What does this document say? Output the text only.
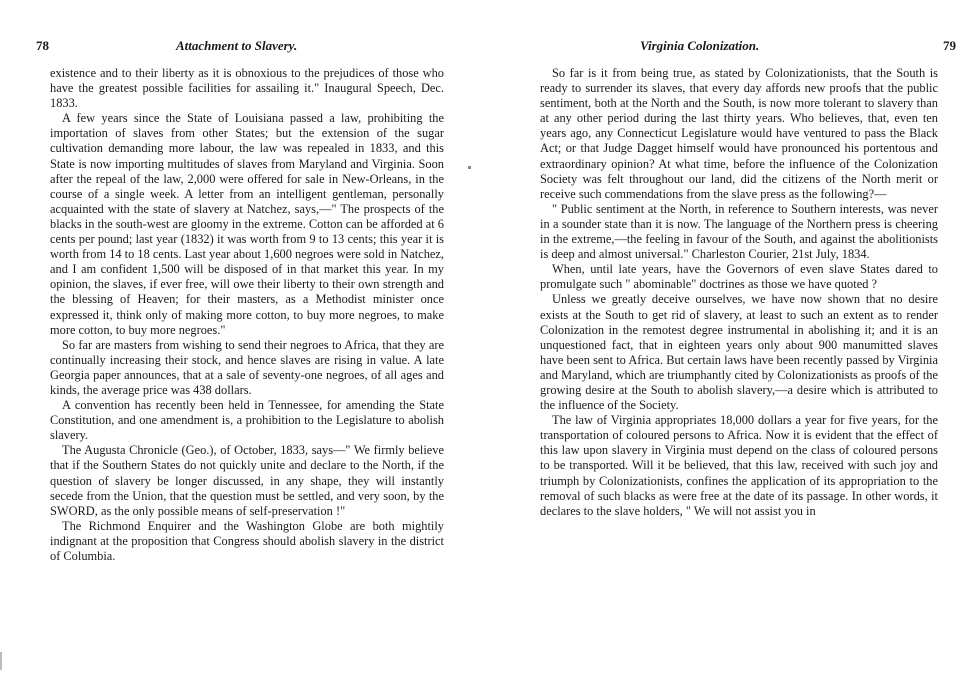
78	Attachment to Slavery.

existence and to their liberty as it is obnoxious to the prejudices of those who have the greatest possible facilities for assailing it." Inaugural Speech, Dec. 1833.

A few years since the State of Louisiana passed a law, prohibiting the importation of slaves from other States; but the extension of the sugar cultivation demanding more labour, the law was repealed in 1833, and this State is now importing multitudes of slaves from Maryland and Virginia. Soon after the repeal of the law, 2,000 were offered for sale in New-Orleans, in the course of a single week. A letter from an intelligent gentleman, personally acquainted with the state of slavery at Natchez, says,—" The prospects of the blacks in the south-west are gloomy in the extreme. Cotton can be afforded at 6 cents per pound; last year (1832) it was worth from 9 to 13 cents; this year it is worth from 14 to 18 cents. Last year about 1,600 negroes were sold in Natchez, and I am confident 1,500 will be disposed of in that market this year. In my opinion, the slaves, if ever free, will owe their liberty to their own strength and the blessing of Heaven; for their masters, as a Methodist minister once expressed it, think only of making more cotton, to buy more negroes, to make more cotton, to buy more negroes."

So far are masters from wishing to send their negroes to Africa, that they are continually increasing their stock, and hence slaves are rising in value. A late Georgia paper announces, that at a sale of seventy-one negroes, of all ages and kinds, the average price was 438 dollars.

A convention has recently been held in Tennessee, for amending the State Constitution, and one amendment is, a prohibition to the Legislature to abolish slavery.

The Augusta Chronicle (Geo.), of October, 1833, says—" We firmly believe that if the Southern States do not quickly unite and declare to the North, if the question of slavery be longer discussed, in any shape, they will instantly secede from the Union, that the question must be settled, and very soon, by the SWORD, as the only possible means of self-preservation !"

The Richmond Enquirer and the Washington Globe are both mightily indignant at the proposition that Congress should abolish slavery in the district of Columbia.

Virginia Colonization.	79

So far is it from being true, as stated by Colonizationists, that the South is ready to surrender its slaves, that every day affords new proofs that the public sentiment, both at the North and the South, is now more tolerant to slavery than at any other period during the last thirty years. Who believes, that, even ten years ago, any Connecticut Legislature would have ventured to pass the Black Act; or that Judge Dagget himself would have pronounced his portentous and extraordinary opinion? At what time, before the influence of the Colonization Society was felt throughout our land, did the citizens of the North merit or receive such commendations from the slave press as the following?—

" Public sentiment at the North, in reference to Southern interests, was never in a sounder state than it is now. The language of the Northern press is cheering in the extreme,—the feeling in favour of the South, and against the abolitionists is deep and almost universal." Charleston Courier, 21st July, 1834.

When, until late years, have the Governors of even slave States dared to promulgate such " abominable" doctrines as those we have quoted ?

Unless we greatly deceive ourselves, we have now shown that no desire exists at the South to get rid of slavery, at least to such an extent as to render Colonization in the remotest degree instrumental in abolishing it; and it is an unquestioned fact, that in eighteen years only about 900 manumitted slaves have been sent to Africa. But certain laws have been recently passed by Virginia and Maryland, which are triumphantly cited by Colonizationists as proofs of the growing desire at the South to abolish slavery,—a desire which is attributed to the influence of the Society.

The law of Virginia appropriates 18,000 dollars a year for five years, for the transportation of coloured persons to Africa. Now it is evident that the effect of this law upon slavery in Virginia must depend on the class of coloured persons to be transported. Will it be believed, that this law, received with such joy and triumph by Colonizationists, confines the application of its appropriation to the removal of such blacks as were free at the date of its passage. In other words, it declares to the slave holders, " We will not assist you in
